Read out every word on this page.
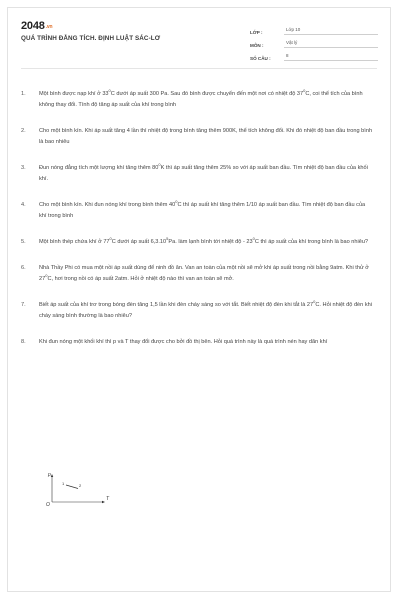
$2048^{.vn}$
QUÁ TRÌNH ĐẲNG TÍCH. ĐỊNH LUẬT SÁC-LƠ
LỚP :
Lớp 10
MÔN :
Vật lý
SỐ CÂU :
8
1.	Một bình được nạp khí ở $33^0C$ dưới áp suất 300 Pa. Sau đó bình được chuyển đến một nơi có nhiệt độ $37^0C$, coi thể tích của bình không thay đổi. Tính độ tăng áp suất của khí trong bình
2.	Cho một bình kín. Khi áp suất tăng 4 lần thì nhiệt độ trong bình tăng thêm 900K, thể tích không đổi. Khi đó nhiệt độ ban đầu trong bình là bao nhiêu
3.	Đun nóng đẳng tích một lượng khí tăng thêm $80^0K$ thì áp suất tăng thêm 25% so với áp suất ban đầu. Tìm nhiệt độ ban đầu của khối khí.
4.	Cho một bình kín. Khi đun nóng khí trong bình thêm $40^0C$ thì áp suất khí tăng thêm 1/10 áp suất ban đầu. Tìm nhiệt độ ban đầu của khí trong bình
5.	Một bình thép chứa khí ở $77^0C$ dưới áp suất 6,3.10$^5$Pa. làm lạnh bình tới nhiệt độ - $23^0C$ thì áp suất của khí trong bình là bao nhiêu?
6.	Nhà Thầy Phi có mua một nồi áp suất dùng để ninh đồ ăn. Van an toàn của một nồi sẽ mở khi áp suất trong nồi bằng 9atm. Khi thử ở $27^0C$, hơi trong nồi có áp suất 2atm. Hỏi ở nhiệt độ nào thì van an toàn sẽ mở.
7.	Biết áp suất của khí trơ trong bóng đèn tăng 1,5 lần khi đèn cháy sáng so với tắt. Biết nhiệt độ đèn khi tắt là $27^0C$. Hỏi nhiệt độ đèn khi cháy sáng bình thường là bao nhiêu?
8.	Khi đun nóng một khối khí thì p và T thay đổi được cho bởi đồ thị bên. Hỏi quá trình này là quá trình nén hay dãn khí
p
T
O
1	2
